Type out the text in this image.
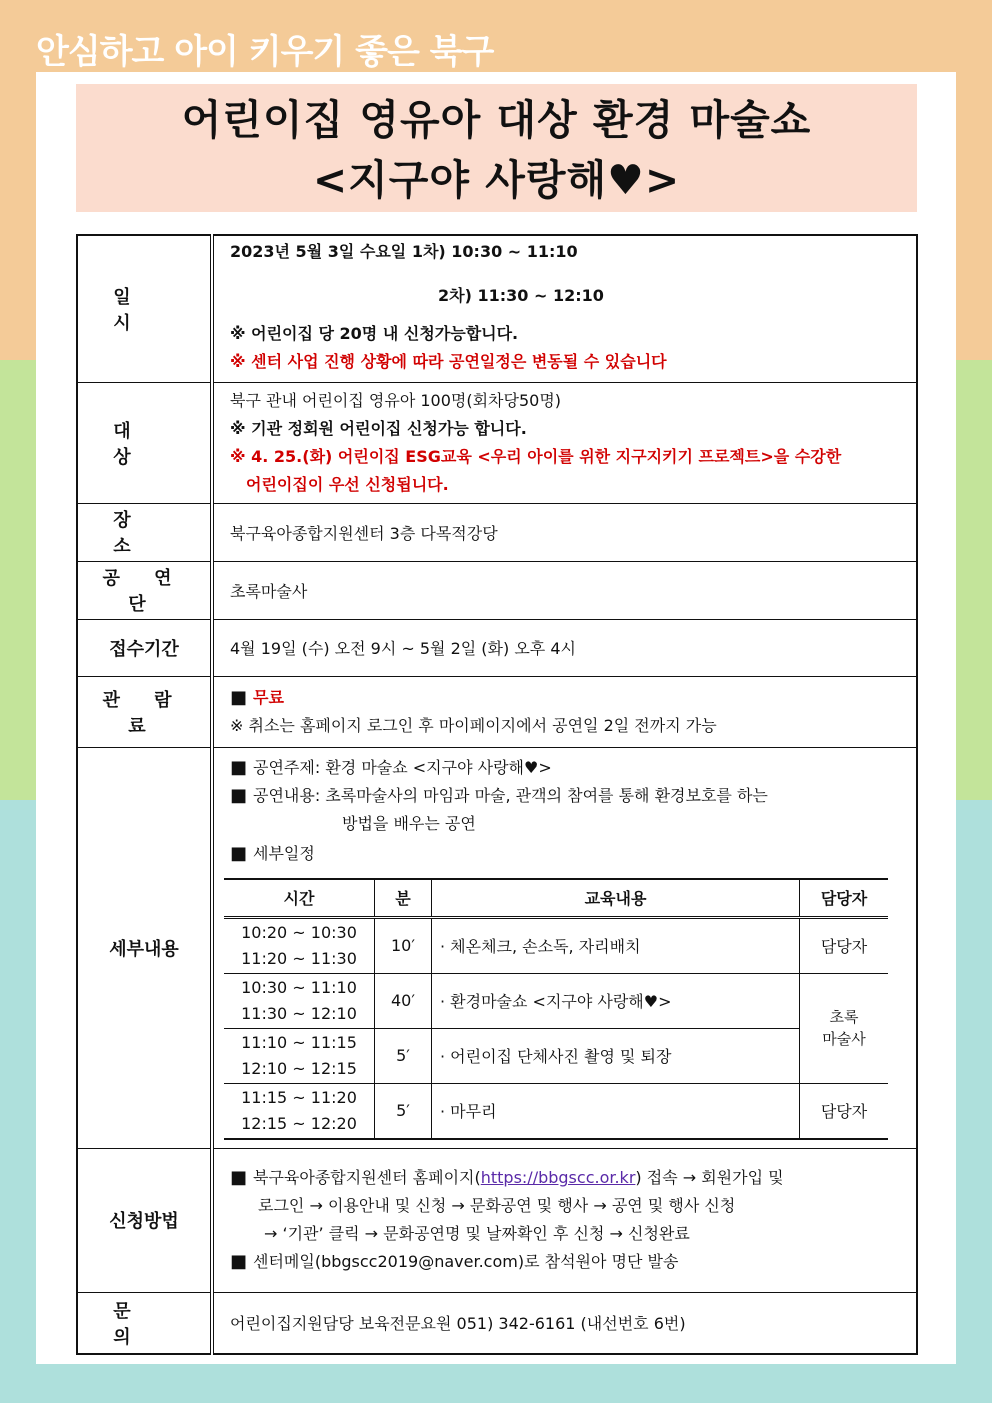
안심하고 아이 키우기 좋은 북구
어린이집 영유아 대상 환경 마술쇼
<지구야 사랑해♥>
일 시	
2023년 5월 3일 수요일 1차) 10:30 ~ 11:10
2차) 11:30 ~ 12:10
※ 어린이집 당 20명 내 신청가능합니다.
※ 센터 사업 진행 상황에 따라 공연일정은 변동될 수 있습니다

대 상	
북구 관내 어린이집 영유아 100명(회차당50명)
※ 기관 정회원 어린이집 신청가능 합니다.
※ 4. 25.(화) 어린이집 ESG교육 <우리 아이를 위한 지구지키기 프로젝트>을 수강한
어린이집이 우선 신청됩니다.

장 소	북구육아종합지원센터 3층 다목적강당
공 연 단	초록마술사
접수기간	4월 19일 (수) 오전 9시 ~ 5월 2일 (화) 오후 4시
관 람 료	
■ 무료
※ 취소는 홈페이지 로그인 후 마이페이지에서 공연일 2일 전까지 가능

세부내용	
■ 공연주제: 환경 마술쇼 <지구야 사랑해♥>
■ 공연내용: 초록마술사의 마임과 마술, 관객의 참여를 통해 환경보호를 하는
방법을 배우는 공연
■ 세부일정
시간	분	교육내용	담당자

10:20 ~ 10:30
11:20 ~ 11:30
	10′	· 체온체크, 손소독, 자리배치	담당자

10:30 ~ 11:10
11:30 ~ 12:10
	40′	· 환경마술쇼 <지구야 사랑해♥>	초록
마술사

11:10 ~ 11:15
12:10 ~ 12:15
	5′	· 어린이집 단체사진 촬영 및 퇴장

11:15 ~ 11:20
12:15 ~ 12:20
	5′	· 마무리	담당자

신청방법	
■ 북구육아종합지원센터 홈페이지(https://bbgscc.or.kr) 접속 → 회원가입 및
로그인 → 이용안내 및 신청 → 문화공연 및 행사 → 공연 및 행사 신청
→ ‘기관’ 클릭 → 문화공연명 및 날짜확인 후 신청 → 신청완료
■ 센터메일(bbgscc2019@naver.com)로 참석원아 명단 발송

문 의	어린이집지원담당 보육전문요원 051) 342-6161 (내선번호 6번)
